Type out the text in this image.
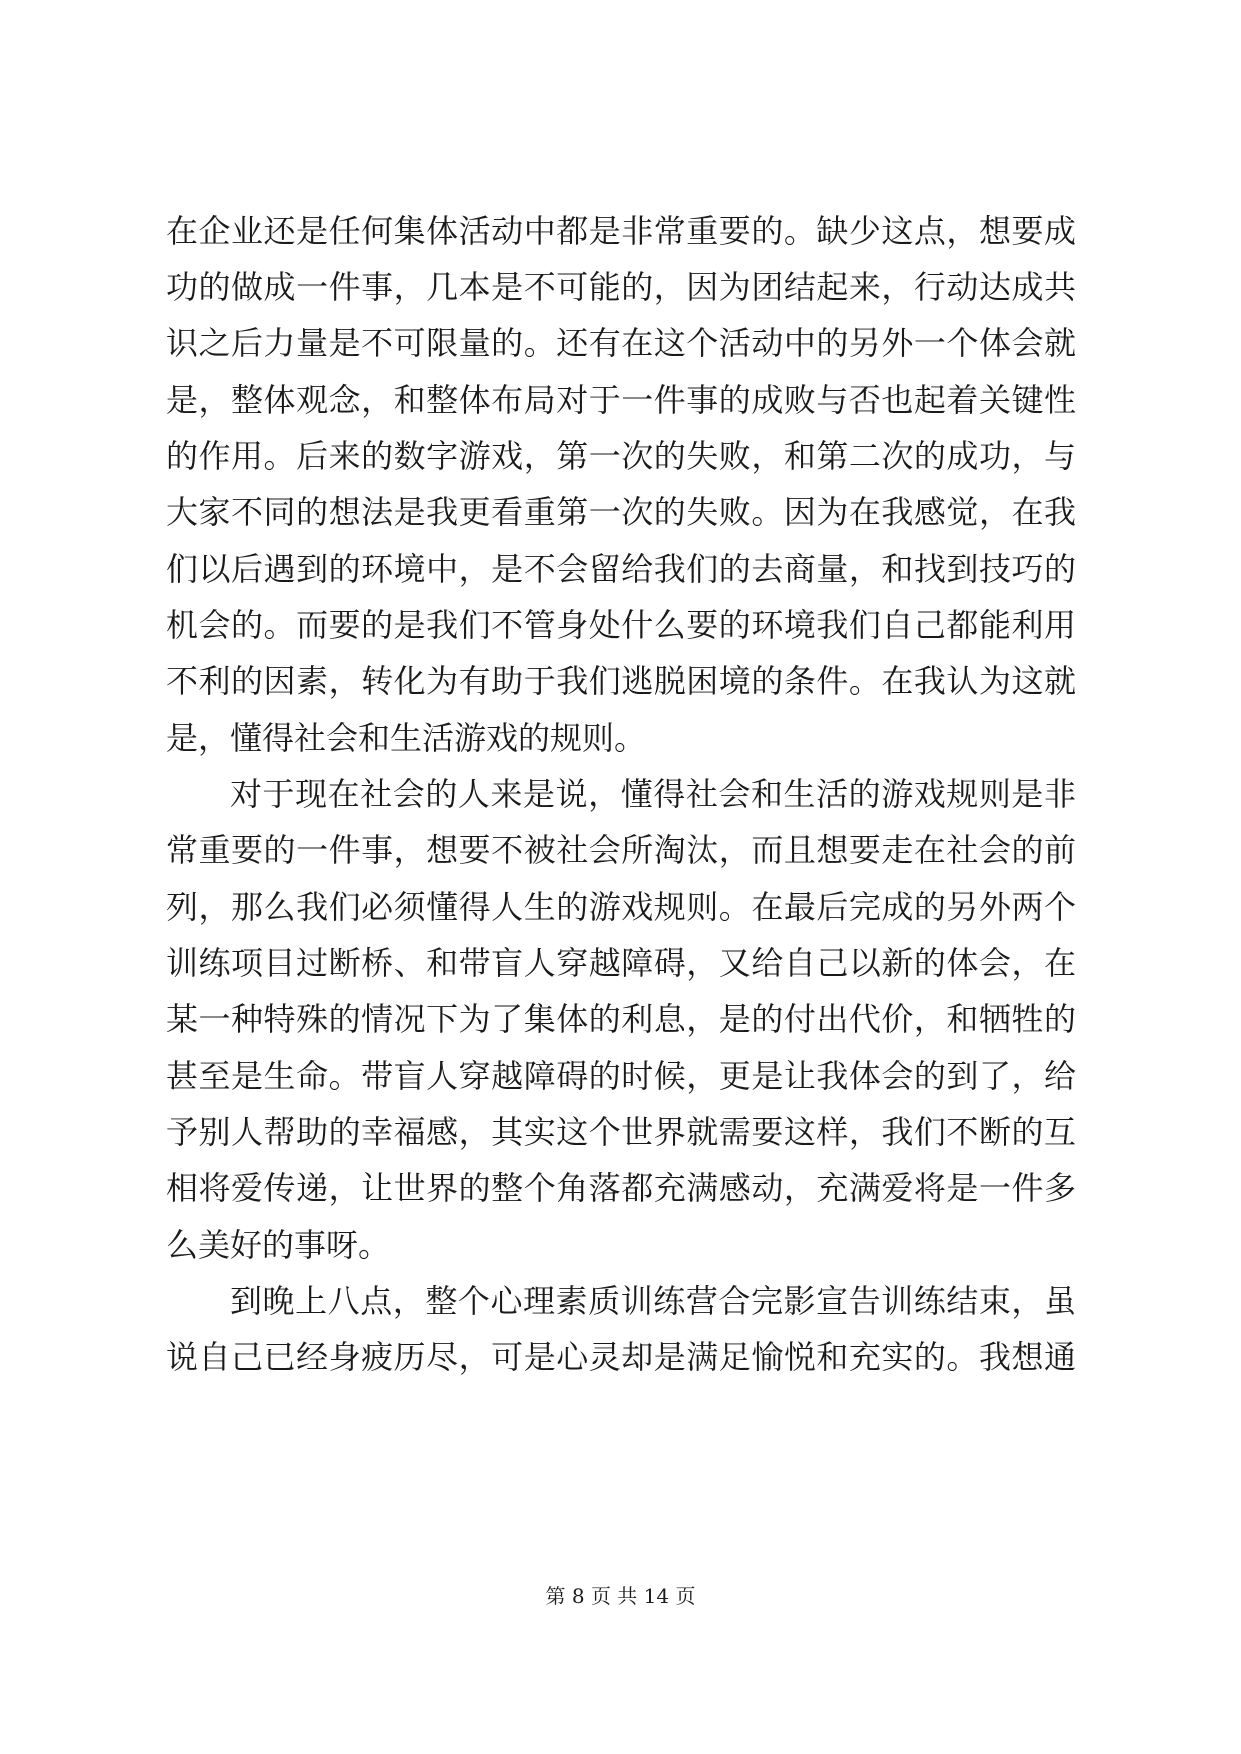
在企业还是任何集体活动中都是非常重要的。缺少这点，想要成
功的做成一件事，几本是不可能的，因为团结起来，行动达成共
识之后力量是不可限量的。还有在这个活动中的另外一个体会就
是，整体观念，和整体布局对于一件事的成败与否也起着关键性
的作用。后来的数字游戏，第一次的失败，和第二次的成功，与
大家不同的想法是我更看重第一次的失败。因为在我感觉，在我
们以后遇到的环境中，是不会留给我们的去商量，和找到技巧的
机会的。而要的是我们不管身处什么要的环境我们自己都能利用
不利的因素，转化为有助于我们逃脱困境的条件。在我认为这就
是，懂得社会和生活游戏的规则。
对于现在社会的人来是说，懂得社会和生活的游戏规则是非
常重要的一件事，想要不被社会所淘汰，而且想要走在社会的前
列，那么我们必须懂得人生的游戏规则。在最后完成的另外两个
训练项目过断桥、和带盲人穿越障碍，又给自己以新的体会，在
某一种特殊的情况下为了集体的利息，是的付出代价，和牺牲的
甚至是生命。带盲人穿越障碍的时候，更是让我体会的到了，给
予别人帮助的幸福感，其实这个世界就需要这样，我们不断的互
相将爱传递，让世界的整个角落都充满感动，充满爱将是一件多
么美好的事呀。
到晚上八点，整个心理素质训练营合完影宣告训练结束，虽
说自己已经身疲历尽，可是心灵却是满足愉悦和充实的。我想通
第 8 页 共 14 页
